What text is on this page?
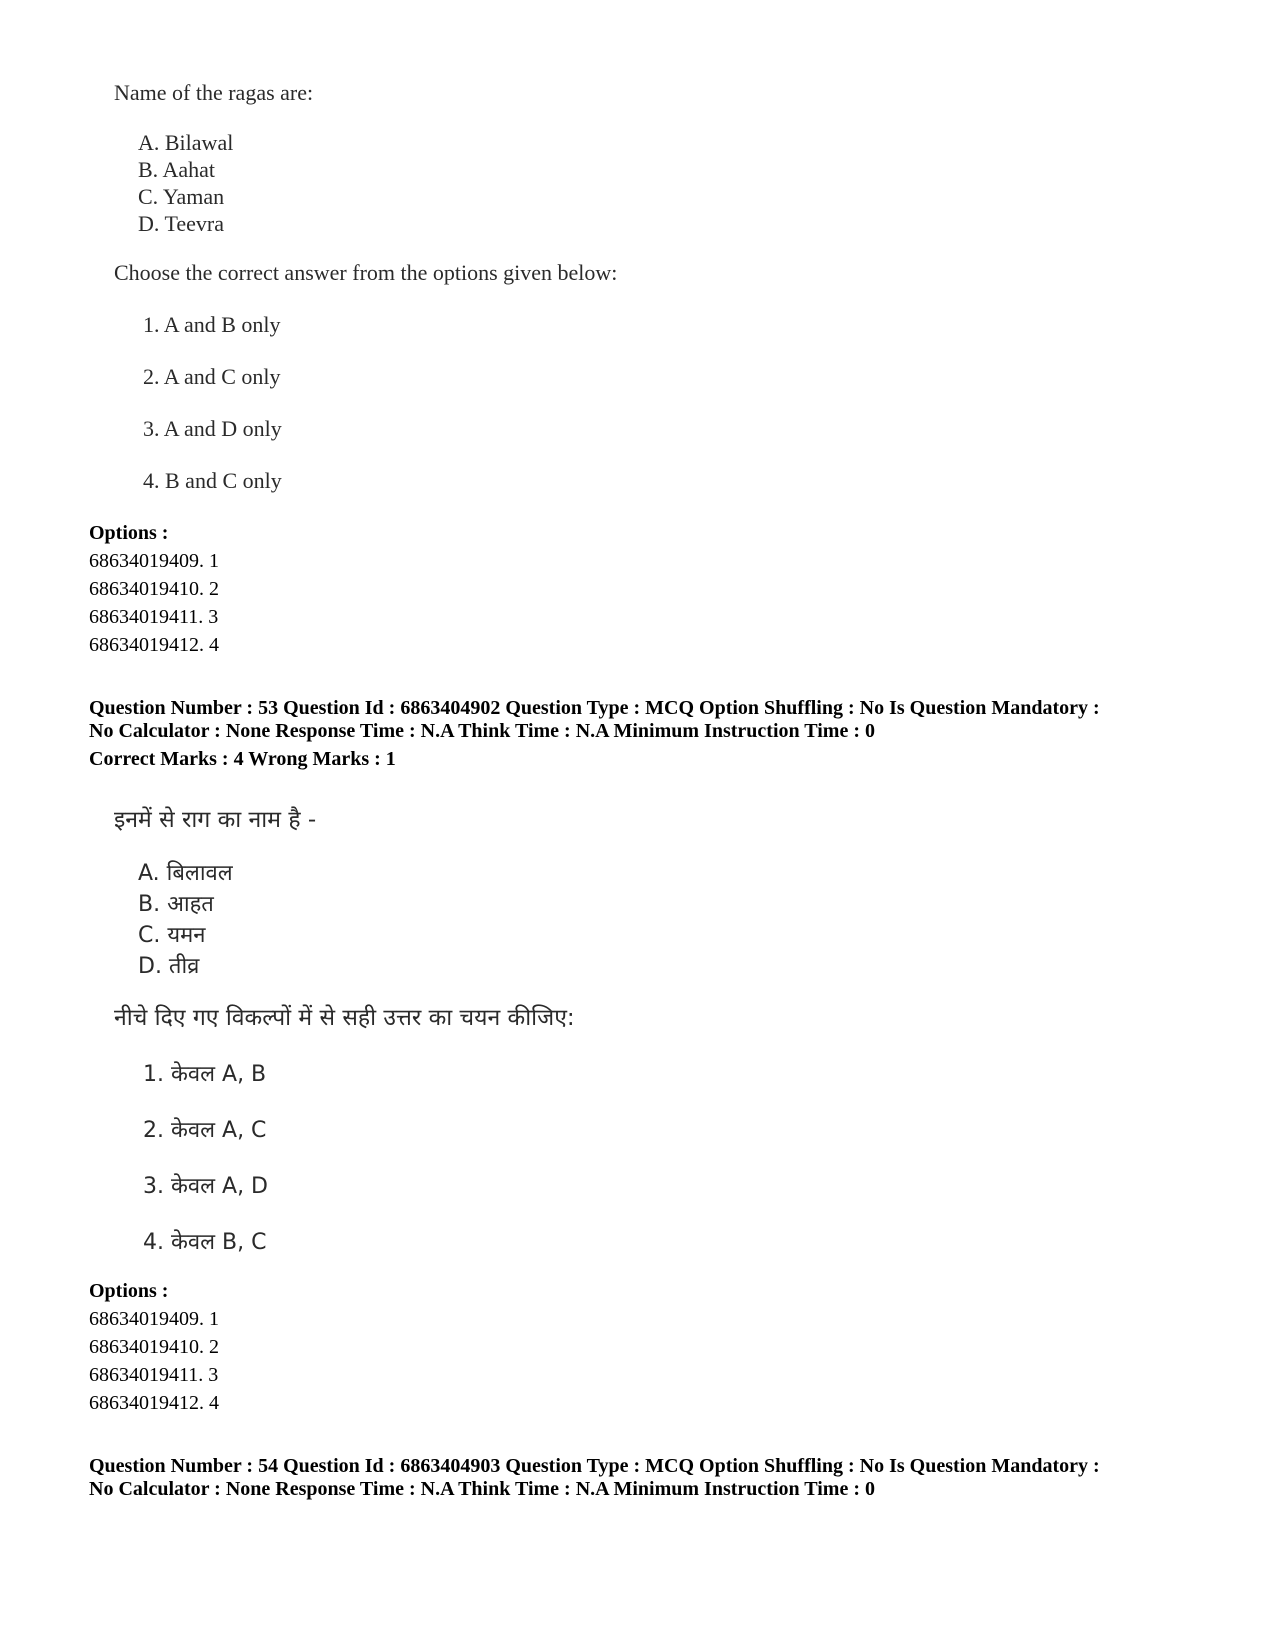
Name of the ragas are:
A. Bilawal
B. Aahat
C. Yaman
D. Teevra
Choose the correct answer from the options given below:
1. A and B only
2. A and C only
3. A and D only
4. B and C only
Options :
68634019409. 1
68634019410. 2
68634019411. 3
68634019412. 4
Question Number : 53 Question Id : 6863404902 Question Type : MCQ Option Shuffling : No Is Question Mandatory :
No Calculator : None Response Time : N.A Think Time : N.A Minimum Instruction Time : 0
Correct Marks : 4 Wrong Marks : 1
इनमें से राग का नाम है -
A. बिलावल
B. आहत
C. यमन
D. तीव्र
नीचे दिए गए विकल्पों में से सही उत्तर का चयन कीजिए:
1. केवल A, B
2. केवल A, C
3. केवल A, D
4. केवल B, C
Options :
68634019409. 1
68634019410. 2
68634019411. 3
68634019412. 4
Question Number : 54 Question Id : 6863404903 Question Type : MCQ Option Shuffling : No Is Question Mandatory :
No Calculator : None Response Time : N.A Think Time : N.A Minimum Instruction Time : 0
